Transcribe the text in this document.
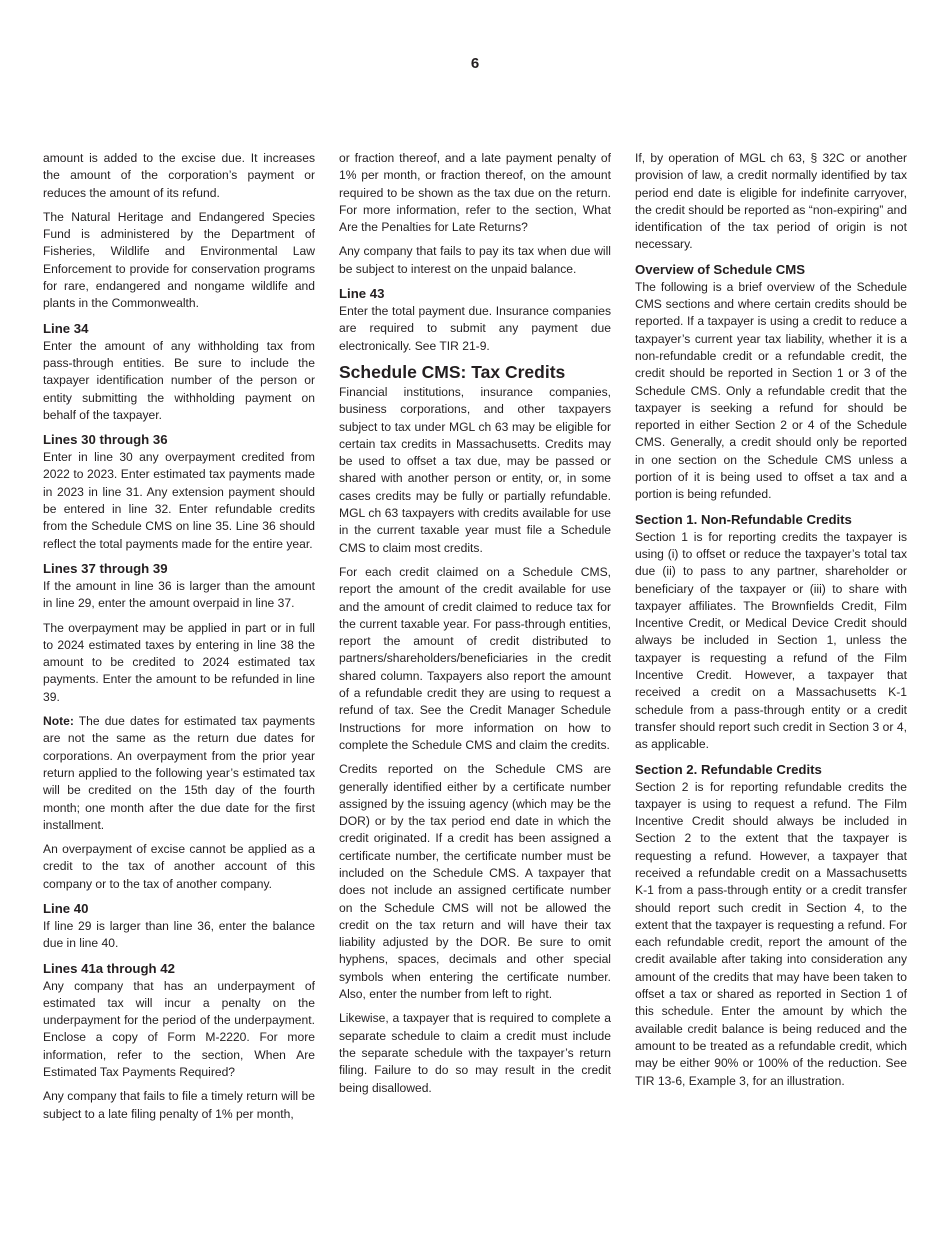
6

amount is added to the excise due. It increases the amount of the corporation’s payment or reduces the amount of its refund.

The Natural Heritage and Endangered Species Fund is administered by the Department of Fisheries, Wildlife and Environmental Law Enforcement to provide for conservation programs for rare, endangered and nongame wildlife and plants in the Commonwealth.

Line 34

Enter the amount of any withholding tax from pass-through entities. Be sure to include the taxpayer identification number of the person or entity submitting the withholding payment on behalf of the taxpayer.

Lines 30 through 36

Enter in line 30 any overpayment credited from 2022 to 2023. Enter estimated tax payments made in 2023 in line 31. Any extension payment should be entered in line 32. Enter refundable credits from the Schedule CMS on line 35. Line 36 should reflect the total payments made for the entire year.

Lines 37 through 39

If the amount in line 36 is larger than the amount in line 29, enter the amount overpaid in line 37.

The overpayment may be applied in part or in full to 2024 estimated taxes by entering in line 38 the amount to be credited to 2024 estimated tax payments. Enter the amount to be refunded in line 39.

Note: The due dates for estimated tax payments are not the same as the return due dates for corporations. An overpayment from the prior year return applied to the following year’s estimated tax will be credited on the 15th day of the fourth month; one month after the due date for the first installment.

An overpayment of excise cannot be applied as a credit to the tax of another account of this company or to the tax of another company.

Line 40

If line 29 is larger than line 36, enter the balance due in line 40.

Lines 41a through 42

Any company that has an underpayment of estimated tax will incur a penalty on the underpayment for the period of the underpayment. Enclose a copy of Form M-2220. For more information, refer to the section, When Are Estimated Tax Payments Required?

Any company that fails to file a timely return will be subject to a late filing penalty of 1% per month,

or fraction thereof, and a late payment penalty of 1% per month, or fraction thereof, on the amount required to be shown as the tax due on the return. For more information, refer to the section, What Are the Penalties for Late Returns?

Any company that fails to pay its tax when due will be subject to interest on the unpaid balance.

Line 43

Enter the total payment due. Insurance companies are required to submit any payment due electronically. See TIR 21-9.

Schedule CMS: Tax Credits

Financial institutions, insurance companies, business corporations, and other taxpayers subject to tax under MGL ch 63 may be eligible for certain tax credits in Massachusetts. Credits may be used to offset a tax due, may be passed or shared with another person or entity, or, in some cases credits may be fully or partially refundable. MGL ch 63 taxpayers with credits available for use in the current taxable year must file a Schedule CMS to claim most credits.

For each credit claimed on a Schedule CMS, report the amount of the credit available for use and the amount of credit claimed to reduce tax for the current taxable year. For pass-through entities, report the amount of credit distributed to partners/shareholders/beneficiaries in the credit shared column. Taxpayers also report the amount of a refundable credit they are using to request a refund of tax. See the Credit Manager Schedule Instructions for more information on how to complete the Schedule CMS and claim the credits.

Credits reported on the Schedule CMS are generally identified either by a certificate number assigned by the issuing agency (which may be the DOR) or by the tax period end date in which the credit originated. If a credit has been assigned a certificate number, the certificate number must be included on the Schedule CMS. A taxpayer that does not include an assigned certificate number on the Schedule CMS will not be allowed the credit on the tax return and will have their tax liability adjusted by the DOR. Be sure to omit hyphens, spaces, decimals and other special symbols when entering the certificate number. Also, enter the number from left to right.

Likewise, a taxpayer that is required to complete a separate schedule to claim a credit must include the separate schedule with the taxpayer’s return filing. Failure to do so may result in the credit being disallowed.

If, by operation of MGL ch 63, § 32C or another provision of law, a credit normally identified by tax period end date is eligible for indefinite carryover, the credit should be reported as “non-expiring” and identification of the tax period of origin is not necessary.

Overview of Schedule CMS

The following is a brief overview of the Schedule CMS sections and where certain credits should be reported. If a taxpayer is using a credit to reduce a taxpayer’s current year tax liability, whether it is a non-refundable credit or a refundable credit, the credit should be reported in Section 1 or 3 of the Schedule CMS. Only a refundable credit that the taxpayer is seeking a refund for should be reported in either Section 2 or 4 of the Schedule CMS. Generally, a credit should only be reported in one section on the Schedule CMS unless a portion of it is being used to offset a tax and a portion is being refunded.

Section 1. Non-Refundable Credits

Section 1 is for reporting credits the taxpayer is using (i) to offset or reduce the taxpayer’s total tax due (ii) to pass to any partner, shareholder or beneficiary of the taxpayer or (iii) to share with taxpayer affiliates. The Brownfields Credit, Film Incentive Credit, or Medical Device Credit should always be included in Section 1, unless the taxpayer is requesting a refund of the Film Incentive Credit. However, a taxpayer that received a credit on a Massachusetts K-1 schedule from a pass-through entity or a credit transfer should report such credit in Section 3 or 4, as applicable.

Section 2. Refundable Credits

Section 2 is for reporting refundable credits the taxpayer is using to request a refund. The Film Incentive Credit should always be included in Section 2 to the extent that the taxpayer is requesting a refund. However, a taxpayer that received a refundable credit on a Massachusetts K-1 from a pass-through entity or a credit transfer should report such credit in Section 4, to the extent that the taxpayer is requesting a refund. For each refundable credit, report the amount of the credit available after taking into consideration any amount of the credits that may have been taken to offset a tax or shared as reported in Section 1 of this schedule. Enter the amount by which the available credit balance is being reduced and the amount to be treated as a refundable credit, which may be either 90% or 100% of the reduction. See TIR 13-6, Example 3, for an illustration.
